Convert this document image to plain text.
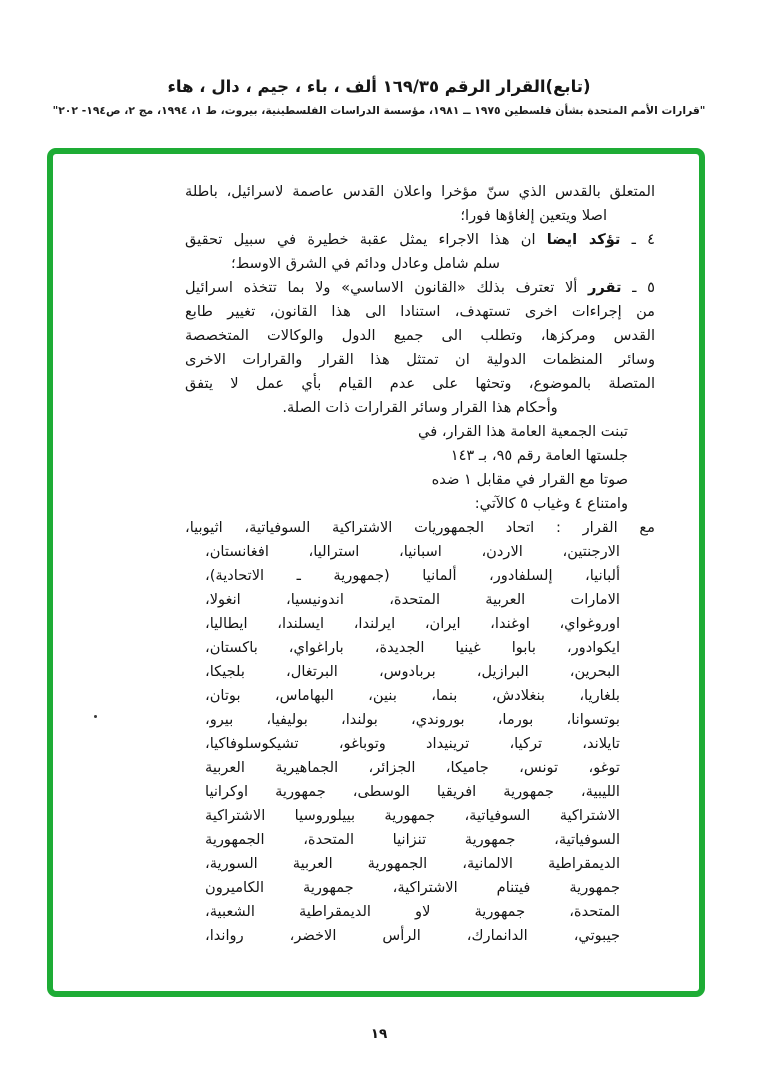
(تابع)القرار الرقم ١٦٩/٣٥ ألف ، باء ، جيم ، دال ، هاء
"قرارات الأمم المتحدة بشأن فلسطين ١٩٧٥ ــ ١٩٨١، مؤسسة الدراسات الفلسطينية، بيروت، ط ١، ١٩٩٤، مج ٢، ص١٩٤- ٢٠٢"
المتعلق بالقدس الذي سنّ مؤخرا واعلان القدس عاصمة لاسرائيل، باطلة
اصلا ويتعين إلغاؤها فورا؛
٤ ـ تؤكد ايضا ان هذا الاجراء يمثل عقبة خطيرة في سبيل تحقيق
سلم شامل وعادل ودائم في الشرق الاوسط؛
٥ ـ تقرر ألا تعترف بذلك «القانون الاساسي» ولا بما تتخذه اسرائيل
من إجراءات اخرى تستهدف، استنادا الى هذا القانون، تغيير طابع
القدس ومركزها، وتطلب الى جميع الدول والوكالات المتخصصة
وسائر المنظمات الدولية ان تمتثل هذا القرار والقرارات الاخرى
المتصلة بالموضوع، وتحثها على عدم القيام بأي عمل لا يتفق
وأحكام هذا القرار وسائر القرارات ذات الصلة.
تبنت الجمعية العامة هذا القرار، في
جلستها العامة رقم ٩٥، بـ ١٤٣
صوتا مع القرار في مقابل ١ ضده
وامتناع ٤ وغياب ٥ كالآتي:
مع القرار : اتحاد الجمهوريات الاشتراكية السوفياتية، اثيوبيا،
الارجنتين، الاردن، اسبانيا، استراليا، افغانستان،
ألبانيا، إلسلفادور، ألمانيا (جمهورية ـ الاتحادية)،
الامارات العربية المتحدة، اندونيسيا، انغولا،
اوروغواي، اوغندا، ايران، ايرلندا، ايسلندا، ايطاليا،
ايكوادور، بابوا غينيا الجديدة، باراغواي، باكستان،
البحرين، البرازيل، بربادوس، البرتغال، بلجيكا،
بلغاريا، بنغلادش، بنما، بنين، البهاماس، بوتان،
بوتسوانا، بورما، بوروندي، بولندا، بوليفيا، بيرو،
تايلاند، تركيا، ترينيداد وتوباغو، تشيكوسلوفاكيا،
توغو، تونس، جاميكا، الجزائر، الجماهيرية العربية
الليبية، جمهورية افريقيا الوسطى، جمهورية اوكرانيا
الاشتراكية السوفياتية، جمهورية بييلوروسيا الاشتراكية
السوفياتية، جمهورية تنزانيا المتحدة، الجمهورية
الديمقراطية الالمانية، الجمهورية العربية السورية،
جمهورية فيتنام الاشتراكية، جمهورية الكاميرون
المتحدة، جمهورية لاو الديمقراطية الشعبية،
جيبوتي، الدانمارك، الرأس الاخضر، رواندا،
١٩
